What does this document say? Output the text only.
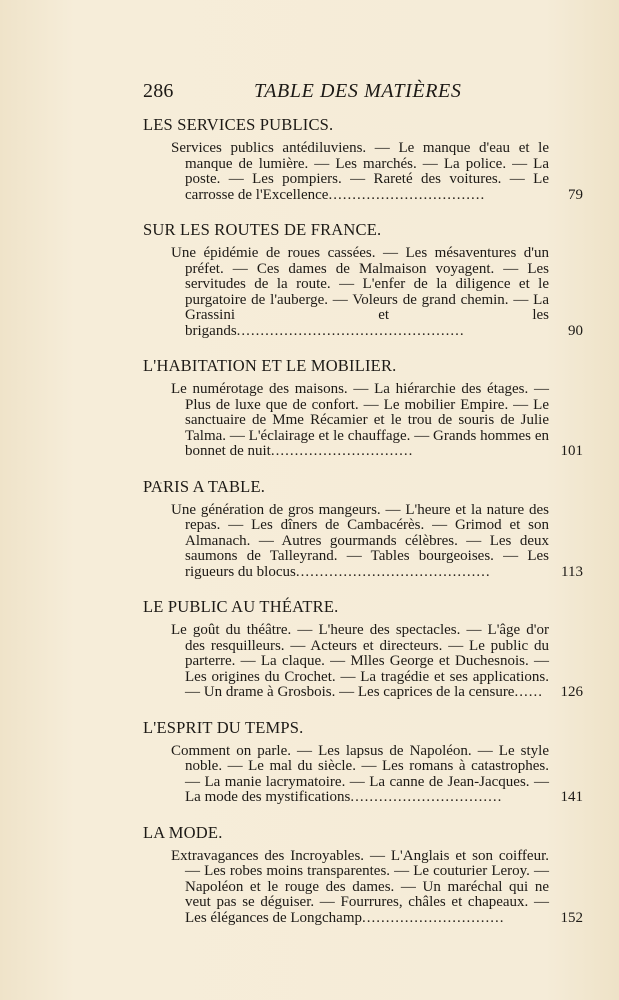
286	TABLE DES MATIÈRES
LES SERVICES PUBLICS.
Services publics antédiluviens. — Le manque d'eau et le manque de lumière. — Les marchés. — La police. — La poste. — Les pompiers. — Rareté des voitures. — Le carrosse de l'Excellence.................................	79
SUR LES ROUTES DE FRANCE.
Une épidémie de roues cassées. — Les mésaventures d'un préfet. — Ces dames de Malmaison voyagent. — Les servitudes de la route. — L'enfer de la diligence et le purgatoire de l'auberge. — Voleurs de grand chemin. — La Grassini et les brigands................................................	90
L'HABITATION ET LE MOBILIER.
Le numérotage des maisons. — La hiérarchie des étages. — Plus de luxe que de confort. — Le mobilier Empire. — Le sanctuaire de Mme Récamier et le trou de souris de Julie Talma. — L'éclairage et le chauffage. — Grands hommes en bonnet de nuit..............................	101
PARIS A TABLE.
Une génération de gros mangeurs. — L'heure et la nature des repas. — Les dîners de Cambacérès. — Grimod et son Almanach. — Autres gourmands célèbres. — Les deux saumons de Talleyrand. — Tables bourgeoises. — Les rigueurs du blocus.........................................	113
LE PUBLIC AU THÉATRE.
Le goût du théâtre. — L'heure des spectacles. — L'âge d'or des resquilleurs. — Acteurs et directeurs. — Le public du parterre. — La claque. — Mlles George et Duchesnois. — Les origines du Crochet. — La tragédie et ses applications. — Un drame à Grosbois. — Les caprices de la censure......	126
L'ESPRIT DU TEMPS.
Comment on parle. — Les lapsus de Napoléon. — Le style noble. — Le mal du siècle. — Les romans à catastrophes. — La manie lacrymatoire. — La canne de Jean-Jacques. — La mode des mystifications................................	141
LA MODE.
Extravagances des Incroyables. — L'Anglais et son coiffeur. — Les robes moins transparentes. — Le couturier Leroy. — Napoléon et le rouge des dames. — Un maréchal qui ne veut pas se déguiser. — Fourrures, châles et chapeaux. — Les élégances de Longchamp..............................	152
